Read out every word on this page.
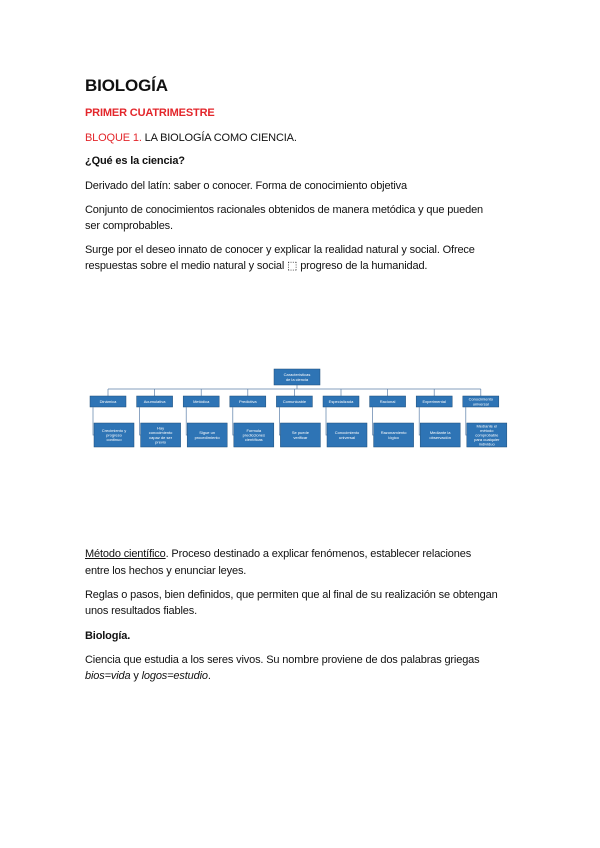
BIOLOGÍA
PRIMER CUATRIMESTRE
BLOQUE 1. LA BIOLOGÍA COMO CIENCIA.
¿Qué es la ciencia?
Derivado del latín: saber o conocer. Forma de conocimiento objetiva
Conjunto de conocimientos racionales obtenidos de manera metódica y que pueden
ser comprobables.
Surge por el deseo innato de conocer y explicar la realidad natural y social. Ofrece
respuestas sobre el medio natural y social ⬚ progreso de la humanidad.
Características de la ciencia
Dinámica
Crecimiento y progreso continuo
Acumulativa
Hay conocimiento capaz de ser previo
Metódica
Sigue un procedimiento
Predictiva
Formula predicciones científicas
Comunicable
Se puede verificar
Especializada
Conocimiento universal
Racional
Razonamiento lógico
Experimental
Mediante la observación
Conocimiento universal
Mediante el método comprobable para cualquier individuo
Método científico. Proceso destinado a explicar fenómenos, establecer relaciones
entre los hechos y enunciar leyes.
Reglas o pasos, bien definidos, que permiten que al final de su realización se obtengan
unos resultados fiables.
Biología.
Ciencia que estudia a los seres vivos. Su nombre proviene de dos palabras griegas
bios=vida y logos=estudio.
